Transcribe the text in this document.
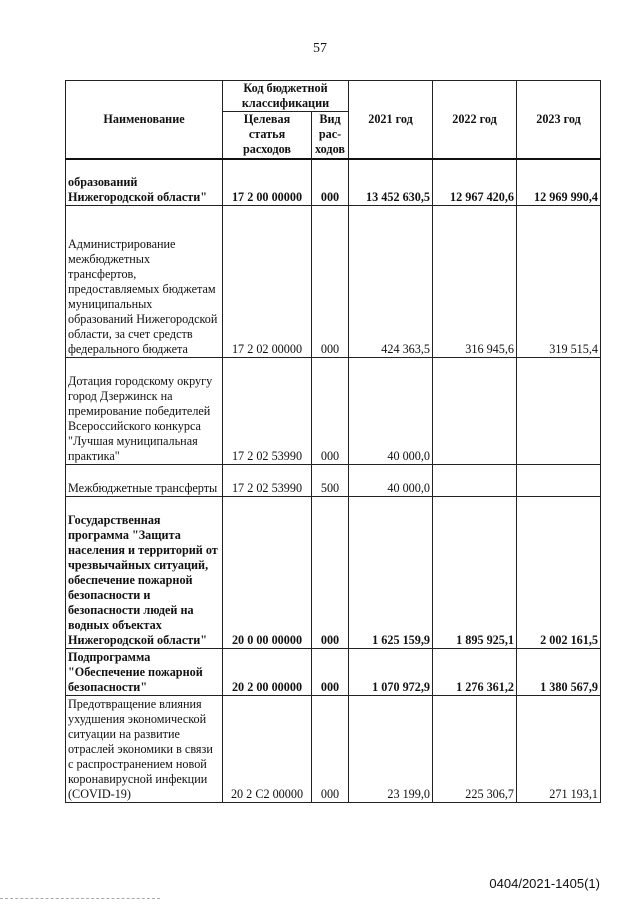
57
Наименование	Код бюджетной классификации		2021 год	2022 год	2023 год
	Целевая статья расходов	Вид рас- ходов			
образований Нижегородской области"	17 2 00 00000	000	13 452 630,5	12 967 420,6	12 969 990,4
Администрирование межбюджетных трансфертов, предоставляемых бюджетам муниципальных образований Нижегородской области, за счет средств федерального бюджета	17 2 02 00000	000	424 363,5	316 945,6	319 515,4
Дотация городскому округу город Дзержинск на премирование победителей Всероссийского конкурса "Лучшая муниципальная практика"	17 2 02 53990	000	40 000,0		
Межбюджетные трансферты	17 2 02 53990	500	40 000,0		
Государственная программа "Защита населения и территорий от чрезвычайных ситуаций, обеспечение пожарной безопасности и безопасности людей на водных объектах Нижегородской области"	20 0 00 00000	000	1 625 159,9	1 895 925,1	2 002 161,5
Подпрограмма "Обеспечение пожарной безопасности"	20 2 00 00000	000	1 070 972,9	1 276 361,2	1 380 567,9
Предотвращение влияния ухудшения экономической ситуации на развитие отраслей экономики в связи с распространением новой коронавирусной инфекции (COVID-19)	20 2 C2 00000	000	23 199,0	225 306,7	271 193,1
0404/2021-1405(1)
